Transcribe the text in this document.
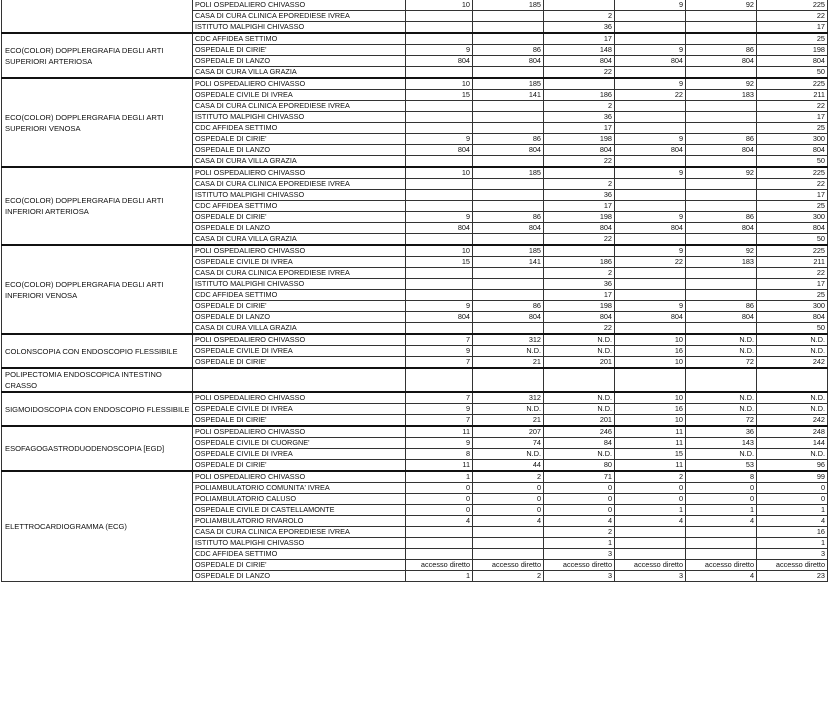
	POLI OSPEDALIERO CHIVASSO	10	185		9	92	225
	CASA DI CURA CLINICA EPOREDIESE IVREA			2			22
	ISTITUTO MALPIGHI CHIVASSO			36			17
ECO(COLOR) DOPPLERGRAFIA DEGLI ARTI SUPERIORI ARTERIOSA	CDC AFFIDEA SETTIMO			17			25
	OSPEDALE DI CIRIE'	9	86	148	9	86	198
	OSPEDALE DI LANZO	804	804	804	804	804	804
	CASA DI CURA VILLA GRAZIA			22			50
ECO(COLOR) DOPPLERGRAFIA DEGLI ARTI SUPERIORI VENOSA	POLI OSPEDALIERO CHIVASSO	10	185		9	92	225
	OSPEDALE CIVILE DI IVREA	15	141	186	22	183	211
	CASA DI CURA CLINICA EPOREDIESE IVREA			2			22
	ISTITUTO MALPIGHI CHIVASSO			36			17
	CDC AFFIDEA SETTIMO			17			25
	OSPEDALE DI CIRIE'	9	86	198	9	86	300
	OSPEDALE DI LANZO	804	804	804	804	804	804
	CASA DI CURA VILLA GRAZIA			22			50
ECO(COLOR) DOPPLERGRAFIA DEGLI ARTI INFERIORI ARTERIOSA	POLI OSPEDALIERO CHIVASSO	10	185		9	92	225
	CASA DI CURA CLINICA EPOREDIESE IVREA			2			22
	ISTITUTO MALPIGHI CHIVASSO			36			17
	CDC AFFIDEA SETTIMO			17			25
	OSPEDALE DI CIRIE'	9	86	198	9	86	300
	OSPEDALE DI LANZO	804	804	804	804	804	804
	CASA DI CURA VILLA GRAZIA			22			50
ECO(COLOR) DOPPLERGRAFIA DEGLI ARTI INFERIORI VENOSA	POLI OSPEDALIERO CHIVASSO	10	185		9	92	225
	OSPEDALE CIVILE DI IVREA	15	141	186	22	183	211
	CASA DI CURA CLINICA EPOREDIESE IVREA			2			22
	ISTITUTO MALPIGHI CHIVASSO			36			17
	CDC AFFIDEA SETTIMO			17			25
	OSPEDALE DI CIRIE'	9	86	198	9	86	300
	OSPEDALE DI LANZO	804	804	804	804	804	804
	CASA DI CURA VILLA GRAZIA			22			50
COLONSCOPIA CON ENDOSCOPIO FLESSIBILE	POLI OSPEDALIERO CHIVASSO	7	312	N.D.	10	N.D.	N.D.
	OSPEDALE CIVILE DI IVREA	9	N.D.	N.D.	16	N.D.	N.D.
	OSPEDALE DI CIRIE'	7	21	201	10	72	242
POLIPECTOMIA ENDOSCOPICA INTESTINO CRASSO							
SIGMOIDOSCOPIA CON ENDOSCOPIO FLESSIBILE	POLI OSPEDALIERO CHIVASSO	7	312	N.D.	10	N.D.	N.D.
	OSPEDALE CIVILE DI IVREA	9	N.D.	N.D.	16	N.D.	N.D.
	OSPEDALE DI CIRIE'	7	21	201	10	72	242
ESOFAGOGASTRODUODENOSCOPIA [EGD]	POLI OSPEDALIERO CHIVASSO	11	207	246	11	36	248
	OSPEDALE CIVILE DI CUORGNE'	9	74	84	11	143	144
	OSPEDALE CIVILE DI IVREA	8	N.D.	N.D.	15	N.D.	N.D.
	OSPEDALE DI CIRIE'	11	44	80	11	53	96
ELETTROCARDIOGRAMMA (ECG)	POLI OSPEDALIERO CHIVASSO	1	2	71	2	8	99
	POLIAMBULATORIO COMUNITA' IVREA	0	0	0	0	0	0
	POLIAMBULATORIO CALUSO	0	0	0	0	0	0
	OSPEDALE CIVILE DI CASTELLAMONTE	0	0	0	1	1	1
	POLIAMBULATORIO RIVAROLO	4	4	4	4	4	4
	CASA DI CURA CLINICA EPOREDIESE IVREA			2			16
	ISTITUTO MALPIGHI CHIVASSO			1			1
	CDC AFFIDEA SETTIMO			3			3
	OSPEDALE DI CIRIE'	accesso diretto	accesso diretto	accesso diretto	accesso diretto	accesso diretto	accesso diretto
	OSPEDALE DI LANZO	1	2	3	3	4	23
